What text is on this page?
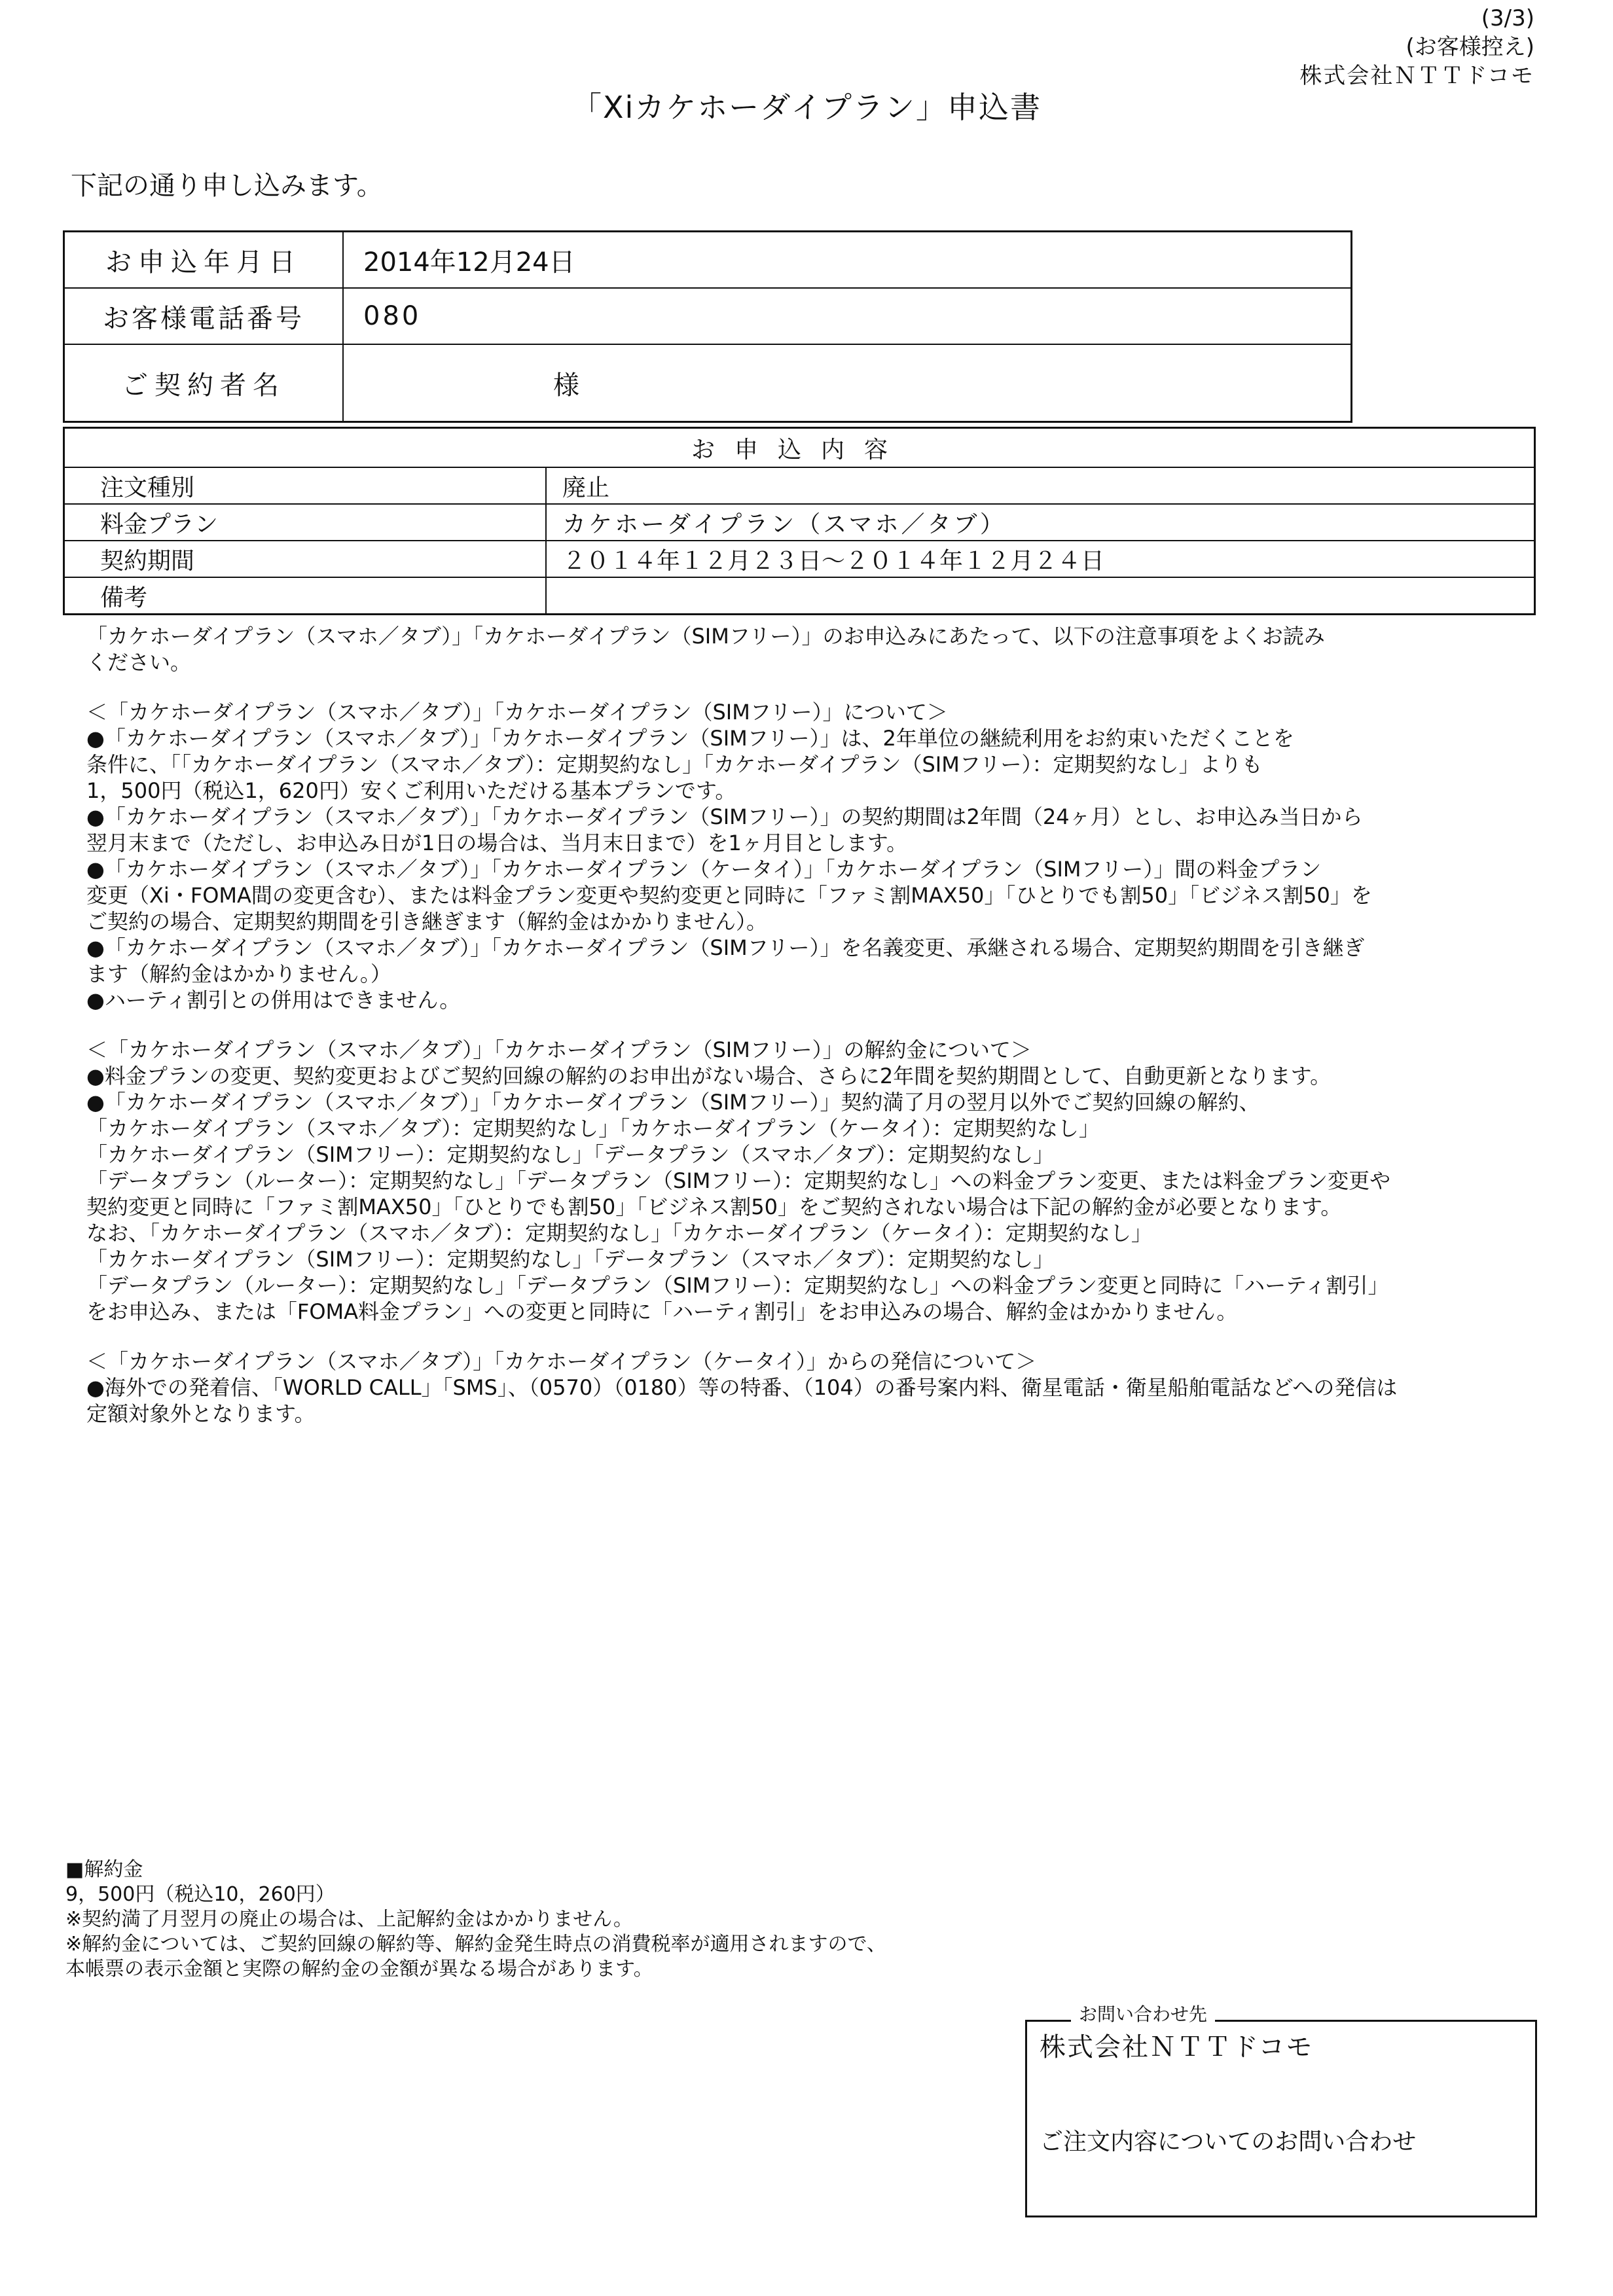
(3/3)
(お客様控え)
株式会社ＮＴＴドコモ
「Xiカケホーダイプラン」申込書
下記の通り申し込みます。
お申込年月日	2014年12月24日
お客様電話番号	080
ご契約者名	様
お申込内容	
注文種別	廃止
料金プラン	カケホーダイプラン（スマホ／タブ）
契約期間	２０１４年１２月２３日～２０１４年１２月２４日
備考	

「カケホーダイプラン（スマホ／タブ）」「カケホーダイプラン（SIMフリー）」のお申込みにあたって、以下の注意事項をよくお読み

ください。

＜「カケホーダイプラン（スマホ／タブ）」「カケホーダイプラン（SIMフリー）」について＞

●「カケホーダイプラン（スマホ／タブ）」「カケホーダイプラン（SIMフリー）」は、2年単位の継続利用をお約束いただくことを

条件に、「「カケホーダイプラン（スマホ／タブ）：定期契約なし」「カケホーダイプラン（SIMフリー）：定期契約なし」よりも

1，500円（税込1，620円）安くご利用いただける基本プランです。

●「カケホーダイプラン（スマホ／タブ）」「カケホーダイプラン（SIMフリー）」の契約期間は2年間（24ヶ月）とし、お申込み当日から

翌月末まで（ただし、お申込み日が1日の場合は、当月末日まで）を1ヶ月目とします。

●「カケホーダイプラン（スマホ／タブ）」「カケホーダイプラン（ケータイ）」「カケホーダイプラン（SIMフリー）」間の料金プラン

変更（Xi・FOMA間の変更含む）、または料金プラン変更や契約変更と同時に「ファミ割MAX50」「ひとりでも割50」「ビジネス割50」を

ご契約の場合、定期契約期間を引き継ぎます（解約金はかかりません）。

●「カケホーダイプラン（スマホ／タブ）」「カケホーダイプラン（SIMフリー）」を名義変更、承継される場合、定期契約期間を引き継ぎ

ます（解約金はかかりません。）

●ハーティ割引との併用はできません。

＜「カケホーダイプラン（スマホ／タブ）」「カケホーダイプラン（SIMフリー）」の解約金について＞

●料金プランの変更、契約変更およびご契約回線の解約のお申出がない場合、さらに2年間を契約期間として、自動更新となります。

●「カケホーダイプラン（スマホ／タブ）」「カケホーダイプラン（SIMフリー）」契約満了月の翌月以外でご契約回線の解約、

「カケホーダイプラン（スマホ／タブ）：定期契約なし」「カケホーダイプラン（ケータイ）：定期契約なし」

「カケホーダイプラン（SIMフリー）：定期契約なし」「データプラン（スマホ／タブ）：定期契約なし」

「データプラン（ルーター）：定期契約なし」「データプラン（SIMフリー）：定期契約なし」への料金プラン変更、または料金プラン変更や

契約変更と同時に「ファミ割MAX50」「ひとりでも割50」「ビジネス割50」をご契約されない場合は下記の解約金が必要となります。

なお、「カケホーダイプラン（スマホ／タブ）：定期契約なし」「カケホーダイプラン（ケータイ）：定期契約なし」

「カケホーダイプラン（SIMフリー）：定期契約なし」「データプラン（スマホ／タブ）：定期契約なし」

「データプラン（ルーター）：定期契約なし」「データプラン（SIMフリー）：定期契約なし」への料金プラン変更と同時に「ハーティ割引」

をお申込み、または「FOMA料金プラン」への変更と同時に「ハーティ割引」をお申込みの場合、解約金はかかりません。

＜「カケホーダイプラン（スマホ／タブ）」「カケホーダイプラン（ケータイ）」からの発信について＞

●海外での発着信、「WORLD CALL」「SMS」、（0570）（0180）等の特番、（104）の番号案内料、衛星電話・衛星船舶電話などへの発信は

定額対象外となります。

■解約金

9，500円（税込10，260円）

※契約満了月翌月の廃止の場合は、上記解約金はかかりません。

※解約金については、ご契約回線の解約等、解約金発生時点の消費税率が適用されますので、

本帳票の表示金額と実際の解約金の金額が異なる場合があります。

お問い合わせ先
株式会社ＮＴＴドコモ
ご注文内容についてのお問い合わせ
